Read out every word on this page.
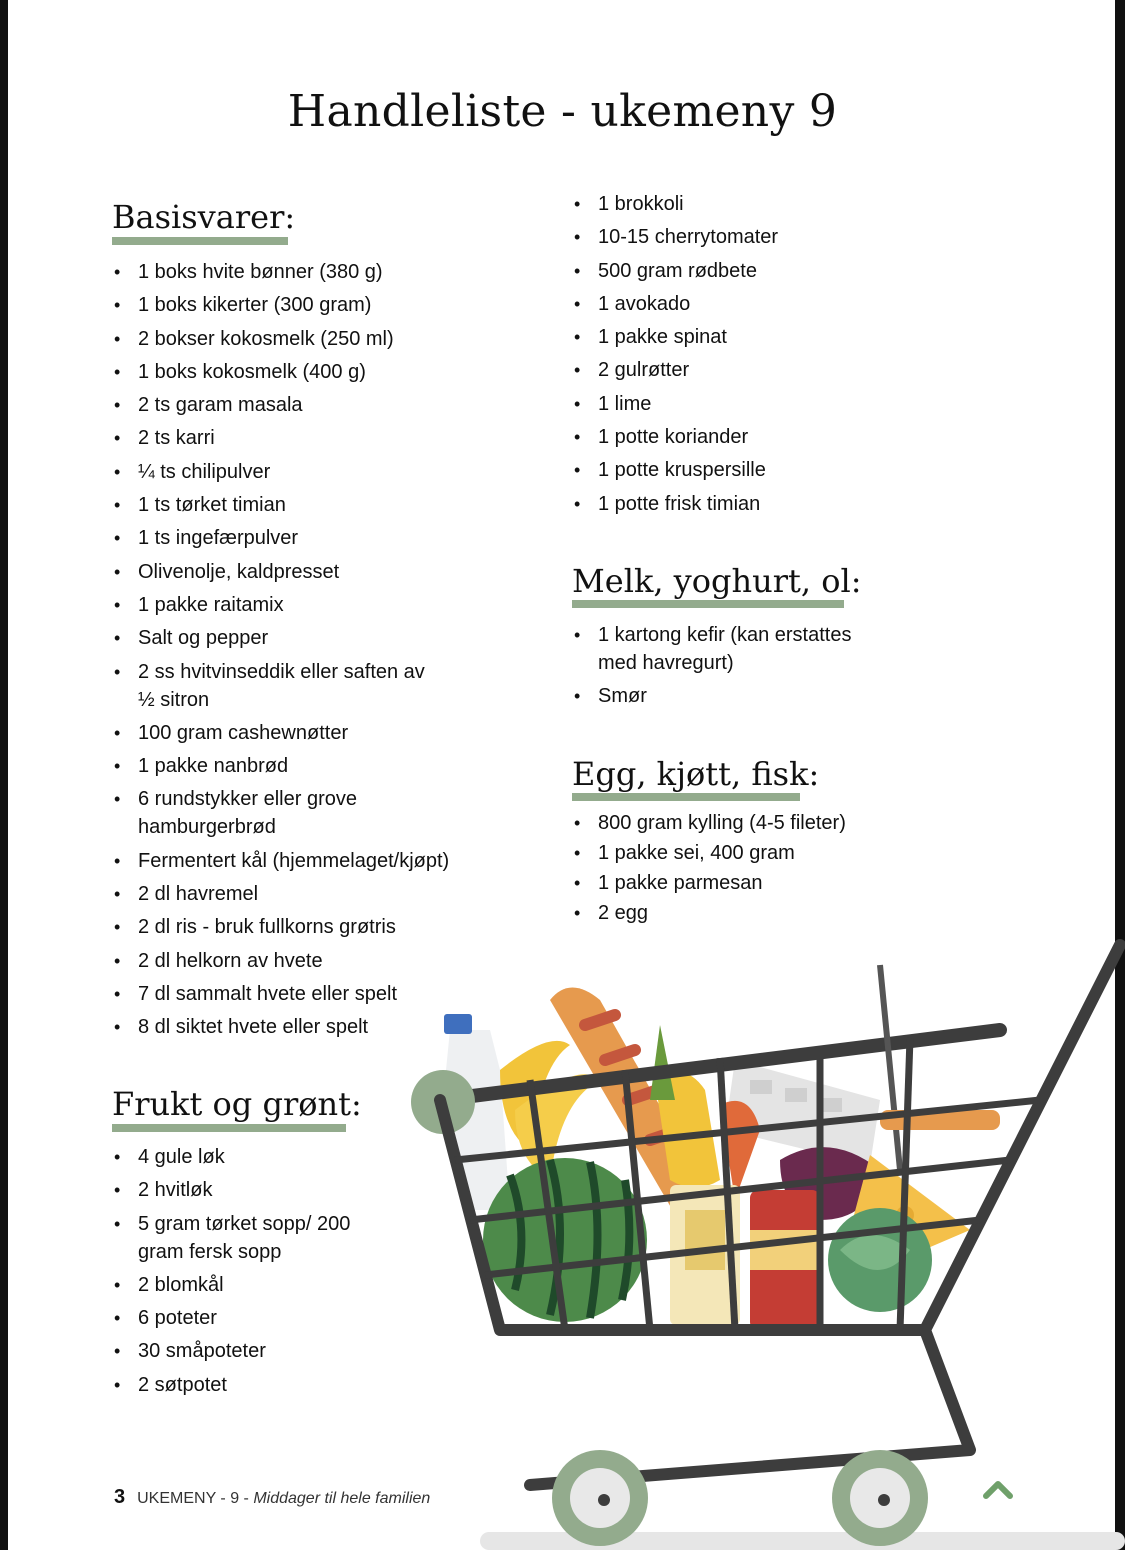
Handleliste - ukemeny 9
Basisvarer:
• 1 boks hvite bønner (380 g)
• 1 boks kikerter (300 gram)
• 2 bokser kokosmelk (250 ml)
• 1 boks kokosmelk (400 g)
• 2 ts garam masala
• 2 ts karri
• ¼ ts chilipulver
• 1 ts tørket timian
• 1 ts ingefærpulver
• Olivenolje, kaldpresset
• 1 pakke raitamix
• Salt og pepper
• 2 ss hvitvinseddik eller saften av ½ sitron
• 100 gram cashewnøtter
• 1 pakke nanbrød
• 6 rundstykker eller grove hamburgerbrød
• Fermentert kål (hjemmelaget/kjøpt)
• 2 dl havremel
• 2 dl ris - bruk fullkorns grøtris
• 2 dl helkorn av hvete
• 7 dl sammalt hvete eller spelt
• 8 dl siktet hvete eller spelt
Frukt og grønt:
• 4 gule løk
• 2 hvitløk
• 5 gram tørket sopp/ 200 gram fersk sopp
• 2 blomkål
• 6 poteter
• 30 småpoteter
• 2 søtpotet
• 1 brokkoli
• 10-15 cherrytomater
• 500 gram rødbete
• 1 avokado
• 1 pakke spinat
• 2 gulrøtter
• 1 lime
• 1 potte koriander
• 1 potte kruspersille
• 1 potte frisk timian
Melk, yoghurt, ol:
• 1 kartong kefir (kan erstattes med havregurt)
• Smør
Egg, kjøtt, fisk:
• 800 gram kylling (4-5 fileter)
• 1 pakke sei, 400 gram
• 1 pakke parmesan
• 2 egg
3 UKEMENY - 9 - Middager til hele familien
